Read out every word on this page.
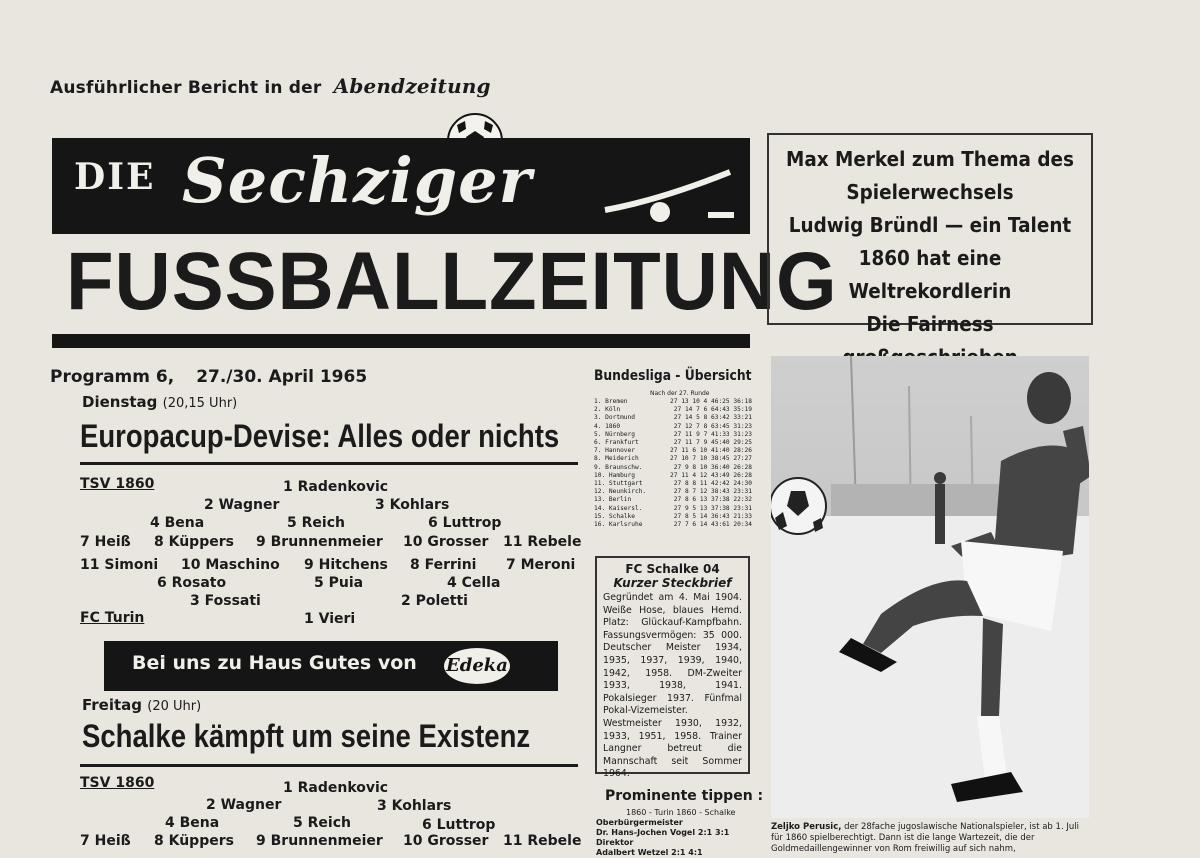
Ausführlicher Bericht in der Abendzeitung
DIE Sechziger
FUSSBALLZEITUNG
Max Merkel zum Thema des
Spielerwechsels
Ludwig Bründl — ein Talent
1860 hat eine Weltrekordlerin
Die Fairness
Programm 6, 27./30. April 1965
Dienstag (20,15 Uhr)
Europacup-Devise: Alles oder nichts
TSV 1860	1 Radenkovic
2 Wagner	3 Kohlars
4 Bena	5 Reich	6 Luttrop
7 Heiß 8 Küppers 9 Brunnenmeier 10 Grosser 11 Rebele
11 Simoni 10 Maschino 9 Hitchens 8 Ferrini 7 Meroni
6 Rosato	5 Puia	4 Cella
3 Fossati	2 Poletti
FC Turin	1 Vieri
Bei uns zu Haus Gutes von Edeka
Freitag (20 Uhr)
Schalke kämpft um seine Existenz
TSV 1860	1 Radenkovic
2 Wagner	3 Kohlars
4 Bena	5 Reich	6 Luttrop
7 Heiß 8 Küppers 9 Brunnenmeier 10 Grosser 11 Rebele
Bundesliga - Übersicht
Nach der 27. Runde
1. Bremen	27 13 10 4 46:25 36:18
2. Köln	27 14 7 6 64:43 35:19
3. Dortmund	27 14 5 8 63:42 33:21
4. 1860	27 12 7 8 63:45 31:23
5. Nürnberg	27 11 9 7 41:33 31:23
6. Frankfurt	27 11 7 9 45:40 29:25
7. Hannover	27 11 6 10 41:40 28:26
8. Meiderich	27 10 7 10 38:45 27:27
9. Braunschw.	27 9 8 10 36:40 26:28
10. Hamburg	27 11 4 12 43:49 26:28
11. Stuttgart	27 8 8 11 42:42 24:30
12. Neunkirch.	27 8 7 12 38:43 23:31
13. Berlin	27 8 6 13 37:38 22:32
14. Kaisersl.	27 9 5 13 37:38 23:31
15. Schalke	27 8 5 14 36:43 21:33
16. Karlsruhe	27 7 6 14 43:61 20:34
FC Schalke 04
Kurzer Steckbrief
Gegründet am 4. Mai 1904. Weiße Hose, blaues Hemd. Platz: Glückauf-Kampfbahn. Fassungsvermögen: 35 000. Deutscher Meister 1934, 1935, 1937, 1939, 1940, 1942, 1958. DM-Zweiter 1933, 1938, 1941. Pokalsieger 1937. Fünfmal Pokal-Vizemeister. Westmeister 1930, 1932, 1933, 1951, 1958. Trainer Langner betreut die Mannschaft seit Sommer 1964.
Prominente tippen :
1860 - Turin 1860 - Schalke
Oberbürgermeister
Dr. Hans-Jochen Vogel 2:1 3:1
Direktor
Adalbert Wetzel 2:1 4:1
Zeljko Perusic, der 28fache jugoslawische Nationalspieler, ist ab 1. Juli für 1860 spielberechtigt. Dann ist die lange Wartezeit, die der Goldmedaillengewinner von Rom freiwillig auf sich nahm,
